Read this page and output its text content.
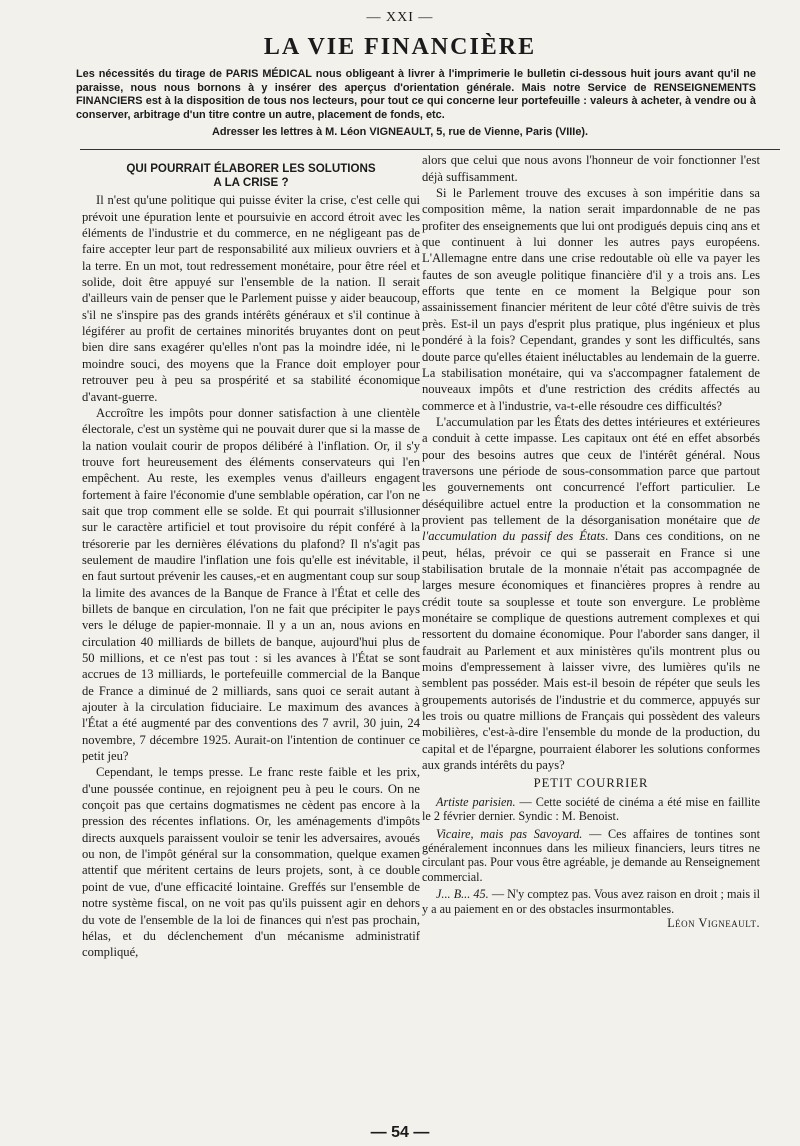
— XXI —
LA VIE FINANCIÈRE
Les nécessités du tirage de PARIS MÉDICAL nous obligeant à livrer à l'imprimerie le bulletin ci-dessous huit jours avant qu'il ne paraisse, nous nous bornons à y insérer des aperçus d'orientation générale. Mais notre Service de RENSEIGNEMENTS FINANCIERS est à la disposition de tous nos lecteurs, pour tout ce qui concerne leur portefeuille : valeurs à acheter, à vendre ou à conserver, arbitrage d'un titre contre un autre, placement de fonds, etc.
Adresser les lettres à M. Léon VIGNEAULT, 5, rue de Vienne, Paris (VIIIe).
QUI POURRAIT ÉLABORER LES SOLUTIONS
A LA CRISE ?

Il n'est qu'une politique qui puisse éviter la crise, c'est celle qui prévoit une épuration lente et poursuivie en accord étroit avec les éléments de l'industrie et du commerce, en ne négligeant pas de faire accepter leur part de responsabilité aux milieux ouvriers et à la terre. En un mot, tout redressement monétaire, pour être réel et solide, doit être appuyé sur l'ensemble de la nation. Il serait d'ailleurs vain de penser que le Parlement puisse y aider beaucoup, s'il ne s'inspire pas des grands intérêts généraux et s'il continue à légiférer au profit de certaines minorités bruyantes dont on peut bien dire sans exagérer qu'elles n'ont pas la moindre idée, ni le moindre souci, des moyens que la France doit employer pour retrouver peu à peu sa prospérité et sa stabilité économique d'avant-guerre.

Accroître les impôts pour donner satisfaction à une clientèle électorale, c'est un système qui ne pouvait durer que si la masse de la nation voulait courir de propos délibéré à l'inflation. Or, il s'y trouve fort heureusement des éléments conservateurs qui l'en empêchent. Au reste, les exemples venus d'ailleurs engagent fortement à faire l'économie d'une semblable opération, car l'on ne sait que trop comment elle se solde. Et qui pourrait s'illusionner sur le caractère artificiel et tout provisoire du répit conféré à la trésorerie par les dernières élévations du plafond? Il n's'agit pas seulement de maudire l'inflation une fois qu'elle est inévitable, il en faut surtout prévenir les causes,-et en augmentant coup sur soup la limite des avances de la Banque de France à l'État et celle des billets de banque en circulation, l'on ne fait que précipiter le pays vers le déluge de papier-monnaie. Il y a un an, nous avions en circulation 40 milliards de billets de banque, aujourd'hui plus de 50 millions, et ce n'est pas tout : si les avances à l'État se sont accrues de 13 milliards, le portefeuille commercial de la Banque de France a diminué de 2 milliards, sans quoi ce serait autant à ajouter à la circulation fiduciaire. Le maximum des avances à l'État a été augmenté par des conventions des 7 avril, 30 juin, 24 novembre, 7 décembre 1925. Aurait-on l'intention de continuer ce petit jeu?

Cependant, le temps presse. Le franc reste faible et les prix, d'une poussée continue, en rejoignent peu à peu le cours. On ne conçoit pas que certains dogmatismes ne cèdent pas encore à la pression des récentes inflations. Or, les aménagements d'impôts directs auxquels paraissent vouloir se tenir les adversaires, avoués ou non, de l'impôt général sur la consommation, quelque examen attentif que méritent certains de leurs projets, sont, à ce double point de vue, d'une efficacité lointaine. Greffés sur l'ensemble de notre système fiscal, on ne voit pas qu'ils puissent agir en dehors du vote de l'ensemble de la loi de finances qui n'est pas prochain, hélas, et du déclenchement d'un mécanisme administratif compliqué,

alors que celui que nous avons l'honneur de voir fonctionner l'est déjà suffisamment.

Si le Parlement trouve des excuses à son impéritie dans sa composition même, la nation serait impardonnable de ne pas profiter des enseignements que lui ont prodigués depuis cinq ans et que continuent à lui donner les autres pays européens. L'Allemagne entre dans une crise redoutable où elle va payer les fautes de son aveugle politique financière d'il y a trois ans. Les efforts que tente en ce moment la Belgique pour son assainissement financier méritent de leur côté d'être suivis de très près. Est-il un pays d'esprit plus pratique, plus ingénieux et plus pondéré à la fois? Cependant, grandes y sont les difficultés, sans doute parce qu'elles étaient inéluctables au lendemain de la guerre. La stabilisation monétaire, qui va s'accompagner fatalement de nouveaux impôts et d'une restriction des crédits affectés au commerce et à l'industrie, va-t-elle résoudre ces difficultés?

L'accumulation par les États des dettes intérieures et extérieures a conduit à cette impasse. Les capitaux ont été en effet absorbés pour des besoins autres que ceux de l'intérêt général. Nous traversons une période de sous-consommation parce que partout les gouvernements ont concurrencé l'effort particulier. Le déséquilibre actuel entre la production et la consommation ne provient pas tellement de la désorganisation monétaire que de l'accumulation du passif des États. Dans ces conditions, on ne peut, hélas, prévoir ce qui se passerait en France si une stabilisation brutale de la monnaie n'était pas accompagnée de larges mesure économiques et financières propres à rendre au crédit toute sa souplesse et toute son envergure. Le problème monétaire se complique de questions autrement complexes et qui ressortent du domaine économique. Pour l'aborder sans danger, il faudrait au Parlement et aux ministères qu'ils montrent plus ou moins d'empressement à laisser vivre, des lumières qu'ils ne semblent pas posséder. Mais est-il besoin de répéter que seuls les groupements autorisés de l'industrie et du commerce, appuyés sur les trois ou quatre millions de Français qui possèdent des valeurs mobilières, c'est-à-dire l'ensemble du monde de la production, du capital et de l'épargne, pourraient élaborer les solutions conformes aux grands intérêts du pays?

PETIT COURRIER

Artiste parisien. — Cette société de cinéma a été mise en faillite le 2 février dernier. Syndic : M. Benoist.

Vicaire, mais pas Savoyard. — Ces affaires de tontines sont généralement inconnues dans les milieux financiers, leurs titres ne circulant pas. Pour vous être agréable, je demande au Renseignement commercial.

J... B... 45. — N'y comptez pas. Vous avez raison en droit ; mais il y a au paiement en or des obstacles insurmontables.
Léon Vigneault.

— 54 —
